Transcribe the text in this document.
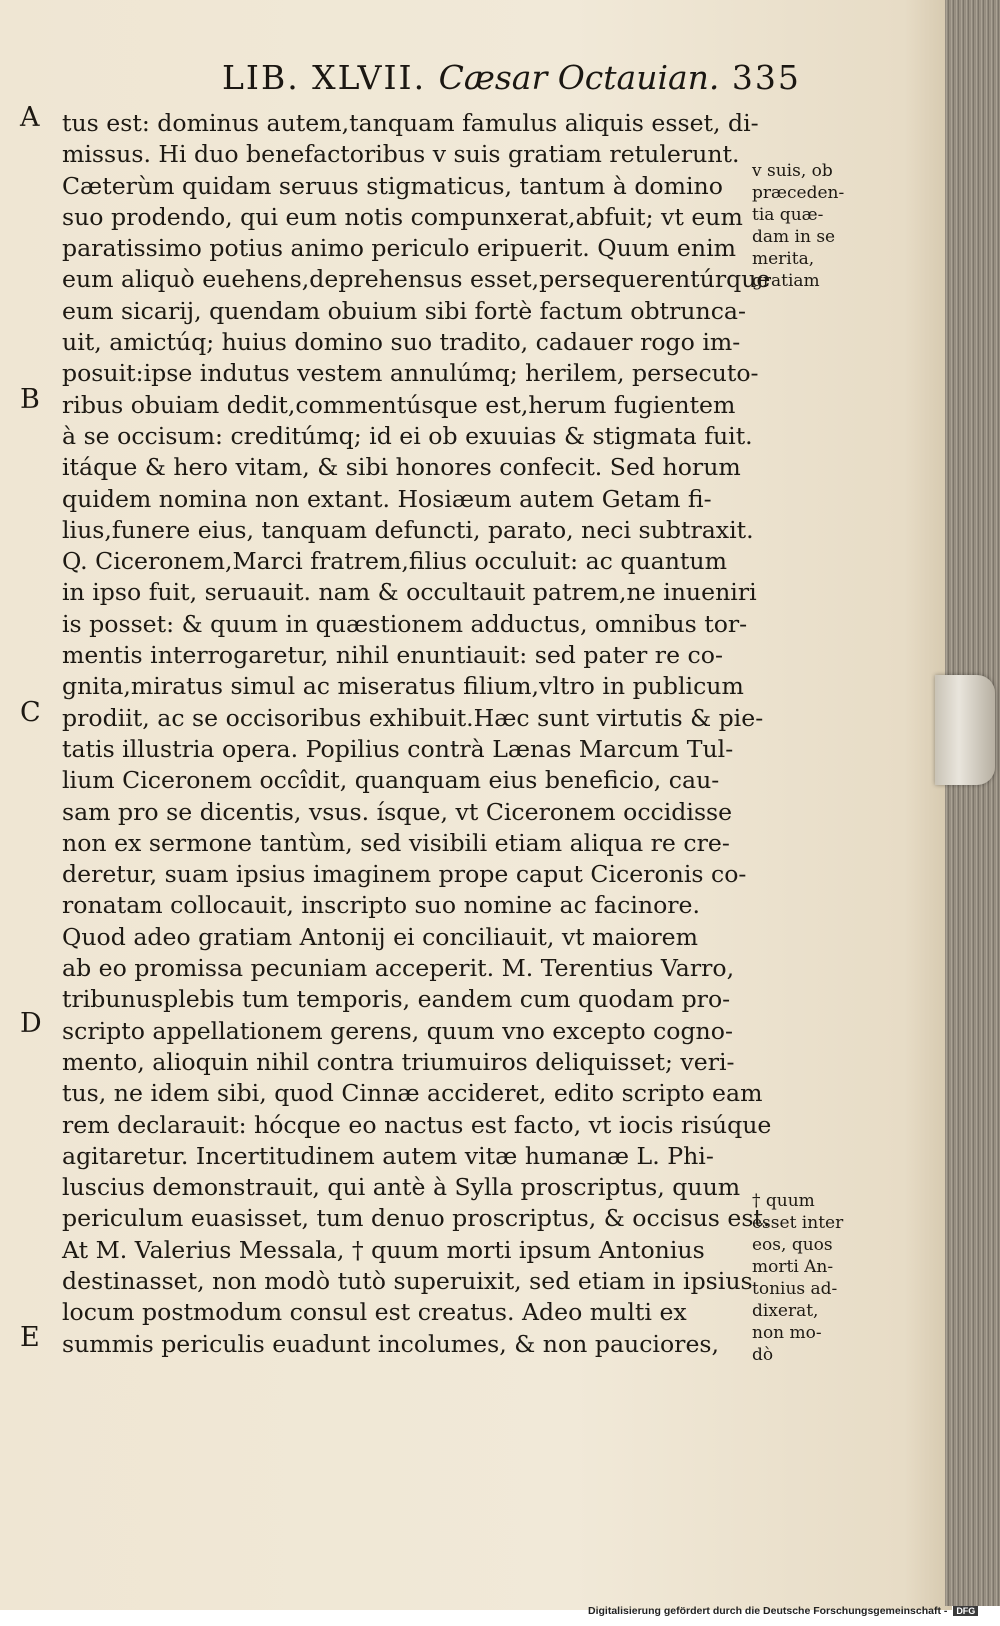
LIB. XLVII. Cæsar Octauian. 335
A
B
C
D
E
tus est: dominus autem,tanquam famulus aliquis esset, di-
missus. Hi duo benefactoribus v suis gratiam retulerunt.
Cæterùm quidam seruus stigmaticus, tantum à domino
suo prodendo, qui eum notis compunxerat,abfuit; vt eum
paratissimo potius animo periculo eripuerit. Quum enim
eum aliquò euehens,deprehensus esset,persequerentúrque
eum sicarij, quendam obuium sibi fortè factum obtrunca-
uit, amictúq; huius domino suo tradito, cadauer rogo im-
posuit:ipse indutus vestem annulúmq; herilem, persecuto-
ribus obuiam dedit,commentúsque est,herum fugientem
à se occisum: creditúmq; id ei ob exuuias & stigmata fuit.
itáque & hero vitam, & sibi honores confecit. Sed horum
quidem nomina non extant. Hosiæum autem Getam fi-
lius,funere eius, tanquam defuncti, parato, neci subtraxit.
Q. Ciceronem,Marci fratrem,filius occuluit: ac quantum
in ipso fuit, seruauit. nam & occultauit patrem,ne inueniri
is posset: & quum in quæstionem adductus, omnibus tor-
mentis interrogaretur, nihil enuntiauit: sed pater re co-
gnita,miratus simul ac miseratus filium,vltro in publicum
prodiit, ac se occisoribus exhibuit.Hæc sunt virtutis & pie-
tatis illustria opera. Popilius contrà Lænas Marcum Tul-
lium Ciceronem occîdit, quanquam eius beneficio, cau-
sam pro se dicentis, vsus. ísque, vt Ciceronem occidisse
non ex sermone tantùm, sed visibili etiam aliqua re cre-
deretur, suam ipsius imaginem prope caput Ciceronis co-
ronatam collocauit, inscripto suo nomine ac facinore.
Quod adeo gratiam Antonij ei conciliauit, vt maiorem
ab eo promissa pecuniam acceperit. M. Terentius Varro,
tribunusplebis tum temporis, eandem cum quodam pro-
scripto appellationem gerens, quum vno excepto cogno-
mento, alioquin nihil contra triumuiros deliquisset; veri-
tus, ne idem sibi, quod Cinnæ accideret, edito scripto eam
rem declarauit: hócque eo nactus est facto, vt iocis risúque
agitaretur. Incertitudinem autem vitæ humanæ L. Phi-
luscius demonstrauit, qui antè à Sylla proscriptus, quum
periculum euasisset, tum denuo proscriptus, & occisus est.
At M. Valerius Messala, † quum morti ipsum Antonius
destinasset, non modò tutò superuixit, sed etiam in ipsius
locum postmodum consul est creatus. Adeo multi ex
summis periculis euadunt incolumes, & non pauciores,
v suis, ob
præceden-
tia quæ-
dam in se
merita,
gratiam
† quum
esset inter
eos, quos
morti An-
tonius ad-
dixerat,
non mo-
dò
Digitalisierung gefördert durch die Deutsche Forschungsgemeinschaft - DFG
